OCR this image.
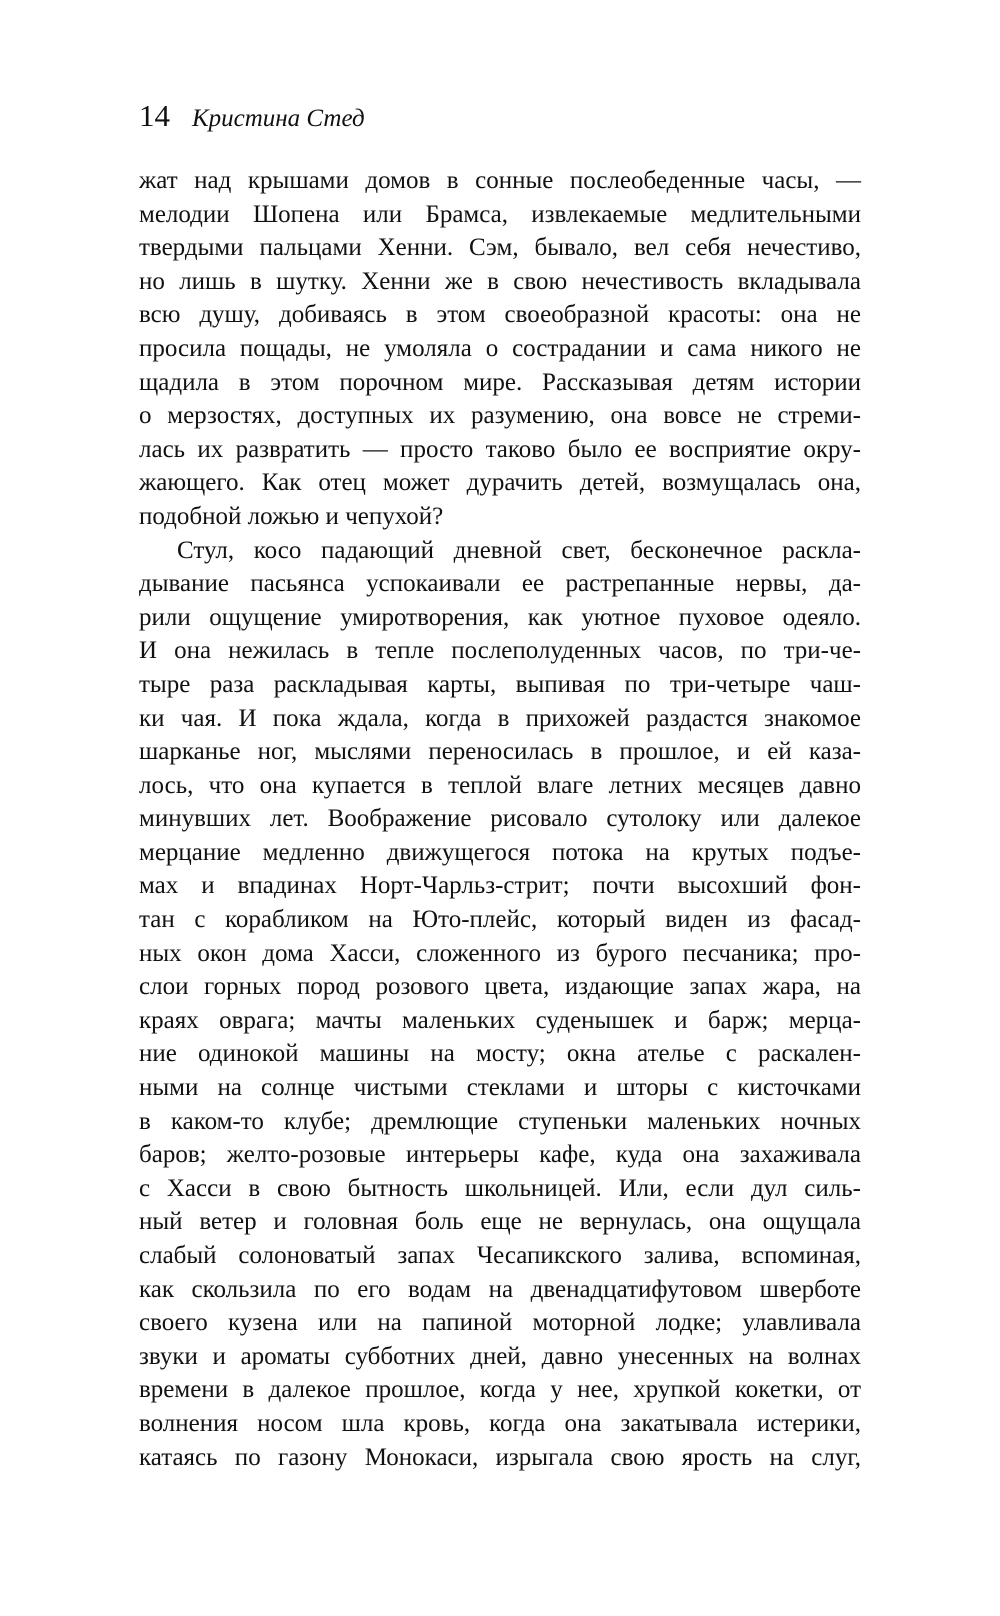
14 Кристина Стед
жат над крышами домов в сонные послеобеденные часы, —
мелодии Шопена или Брамса, извлекаемые медлительными
твердыми пальцами Хенни. Сэм, бывало, вел себя нечестиво,
но лишь в шутку. Хенни же в свою нечестивость вкладывала
всю душу, добиваясь в этом своеобразной красоты: она не
просила пощады, не умоляла о сострадании и сама никого не
щадила в этом порочном мире. Рассказывая детям истории
о мерзостях, доступных их разумению, она вовсе не стреми-
лась их развратить — просто таково было ее восприятие окру-
жающего. Как отец может дурачить детей, возмущалась она,
подобной ложью и чепухой?
Стул, косо падающий дневной свет, бесконечное раскла-
дывание пасьянса успокаивали ее растрепанные нервы, да-
рили ощущение умиротворения, как уютное пуховое одеяло.
И она нежилась в тепле послеполуденных часов, по три-че-
тыре раза раскладывая карты, выпивая по три-четыре чаш-
ки чая. И пока ждала, когда в прихожей раздастся знакомое
шарканье ног, мыслями переносилась в прошлое, и ей каза-
лось, что она купается в теплой влаге летних месяцев давно
минувших лет. Воображение рисовало сутолоку или далекое
мерцание медленно движущегося потока на крутых подъе-
мах и впадинах Норт-Чарльз-стрит; почти высохший фон-
тан с корабликом на Юто-плейс, который виден из фасад-
ных окон дома Хасси, сложенного из бурого песчаника; про-
слои горных пород розового цвета, издающие запах жара, на
краях оврага; мачты маленьких суденышек и барж; мерца-
ние одинокой машины на мосту; окна ателье с раскален-
ными на солнце чистыми стеклами и шторы с кисточками
в каком-то клубе; дремлющие ступеньки маленьких ночных
баров; желто-розовые интерьеры кафе, куда она захаживала
с Хасси в свою бытность школьницей. Или, если дул силь-
ный ветер и головная боль еще не вернулась, она ощущала
слабый солоноватый запах Чесапикского залива, вспоминая,
как скользила по его водам на двенадцатифутовом шверботе
своего кузена или на папиной моторной лодке; улавливала
звуки и ароматы субботних дней, давно унесенных на волнах
времени в далекое прошлое, когда у нее, хрупкой кокетки, от
волнения носом шла кровь, когда она закатывала истерики,
катаясь по газону Монокаси, изрыгала свою ярость на слуг,
